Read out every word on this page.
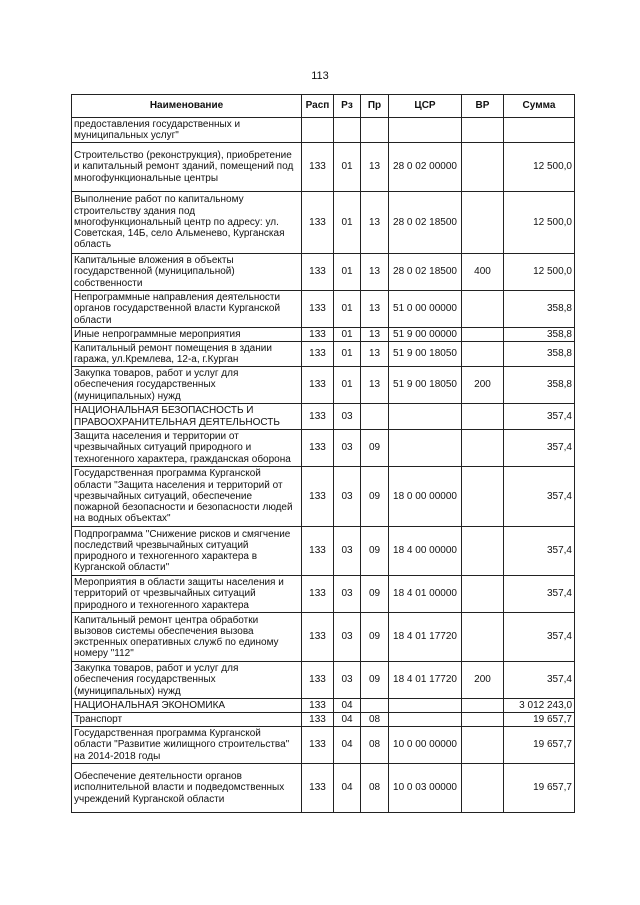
113
Наименование	Расп	Рз	Пр	ЦСР	ВР	Сумма
предоставления государственных и муниципальных услуг"						
Строительство (реконструкция), приобретение и капитальный ремонт зданий, помещений под многофункциональные центры	133	01	13	28 0 02 00000		12 500,0
Выполнение работ по капитальному строительству здания под многофункциональный центр по адресу: ул. Советская, 14Б, село Альменево, Курганская область	133	01	13	28 0 02 18500		12 500,0
Капитальные вложения в объекты государственной (муниципальной) собственности	133	01	13	28 0 02 18500	400	12 500,0
Непрограммные направления деятельности органов государственной власти Курганской области	133	01	13	51 0 00 00000		358,8
Иные непрограммные мероприятия	133	01	13	51 9 00 00000		358,8
Капитальный ремонт помещения в здании гаража, ул.Кремлева, 12-а, г.Курган	133	01	13	51 9 00 18050		358,8
Закупка товаров, работ и услуг для обеспечения государственных (муниципальных) нужд	133	01	13	51 9 00 18050	200	358,8
НАЦИОНАЛЬНАЯ БЕЗОПАСНОСТЬ И ПРАВООХРАНИТЕЛЬНАЯ ДЕЯТЕЛЬНОСТЬ	133	03				357,4
Защита населения и территории от чрезвычайных ситуаций природного и техногенного характера, гражданская оборона	133	03	09			357,4
Государственная программа Курганской области "Защита населения и территорий от чрезвычайных ситуаций, обеспечение пожарной безопасности и безопасности людей на водных объектах"	133	03	09	18 0 00 00000		357,4
Подпрограмма "Снижение рисков и смягчение последствий чрезвычайных ситуаций природного и техногенного характера в Курганской области"	133	03	09	18 4 00 00000		357,4
Мероприятия в области защиты населения и территорий от чрезвычайных ситуаций природного и техногенного характера	133	03	09	18 4 01 00000		357,4
Капитальный ремонт центра обработки вызовов системы обеспечения вызова экстренных оперативных служб по единому номеру "112"	133	03	09	18 4 01 17720		357,4
Закупка товаров, работ и услуг для обеспечения государственных (муниципальных) нужд	133	03	09	18 4 01 17720	200	357,4
НАЦИОНАЛЬНАЯ ЭКОНОМИКА	133	04				3 012 243,0
Транспорт	133	04	08			19 657,7
Государственная программа Курганской области "Развитие жилищного строительства" на 2014-2018 годы	133	04	08	10 0 00 00000		19 657,7
Обеспечение деятельности органов исполнительной власти и подведомственных учреждений Курганской области	133	04	08	10 0 03 00000		19 657,7
